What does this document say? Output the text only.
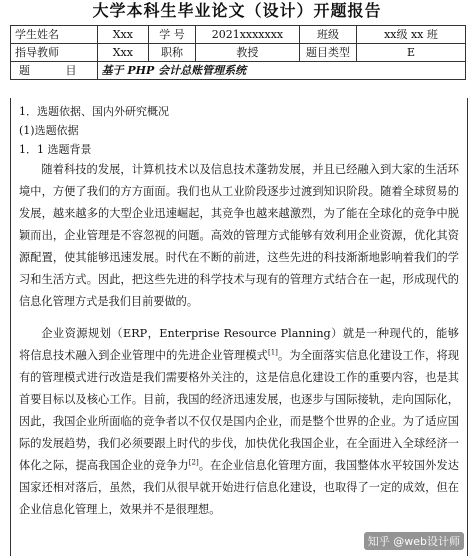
大学本科生毕业论文（设计）开题报告
学生姓名	Xxx	学 号	2021xxxxxxx	班级	xx级 xx 班
指导教师	Xxx	职称	教授	题目类型	E
题 目	基于 PHP 会计总账管理系统				

1．选题依据、国内外研究概况

(1)选题依据

1．1 选题背景

随着科技的发展，计算机技术以及信息技术蓬勃发展，并且已经融入到大家的生活环境中，方便了我们的方方面面。我们也从工业阶段逐步过渡到知识阶段。随着全球贸易的发展，越来越多的大型企业迅速崛起，其竞争也越来越激烈，为了能在全球化的竞争中脱颖而出，企业管理是不容忽视的问题。高效的管理方式能够有效利用企业资源，优化其资源配置，使其能够迅速发展。时代在不断的前进，这些先进的科技渐渐地影响着我们的学习和生活方式。因此，把这些先进的科学技术与现有的管理方式结合在一起，形成现代的信息化管理方式是我们目前要做的。

企业资源规划（ERP，Enterprise Resource Planning）就是一种现代的，能够将信息技术融入到企业管理中的先进企业管理模式[1]。为全面落实信息化建设工作，将现有的管理模式进行改造是我们需要格外关注的，这是信息化建设工作的重要内容，也是其首要目标以及核心工作。目前，我国的经济迅速发展，也逐步与国际接轨，走向国际化，因此，我国企业所面临的竞争者以不仅仅是国内企业，而是整个世界的企业。为了适应国际的发展趋势，我们必须要跟上时代的步伐，加快优化我国企业，在全面进入全球经济一体化之际，提高我国企业的竞争力[2]。在企业信息化管理方面，我国整体水平较国外发达国家还相对落后，虽然，我们从很早就开始进行信息化建设，也取得了一定的成效，但在企业信息化管理上，效果并不是很理想。

知乎 @web设计师
